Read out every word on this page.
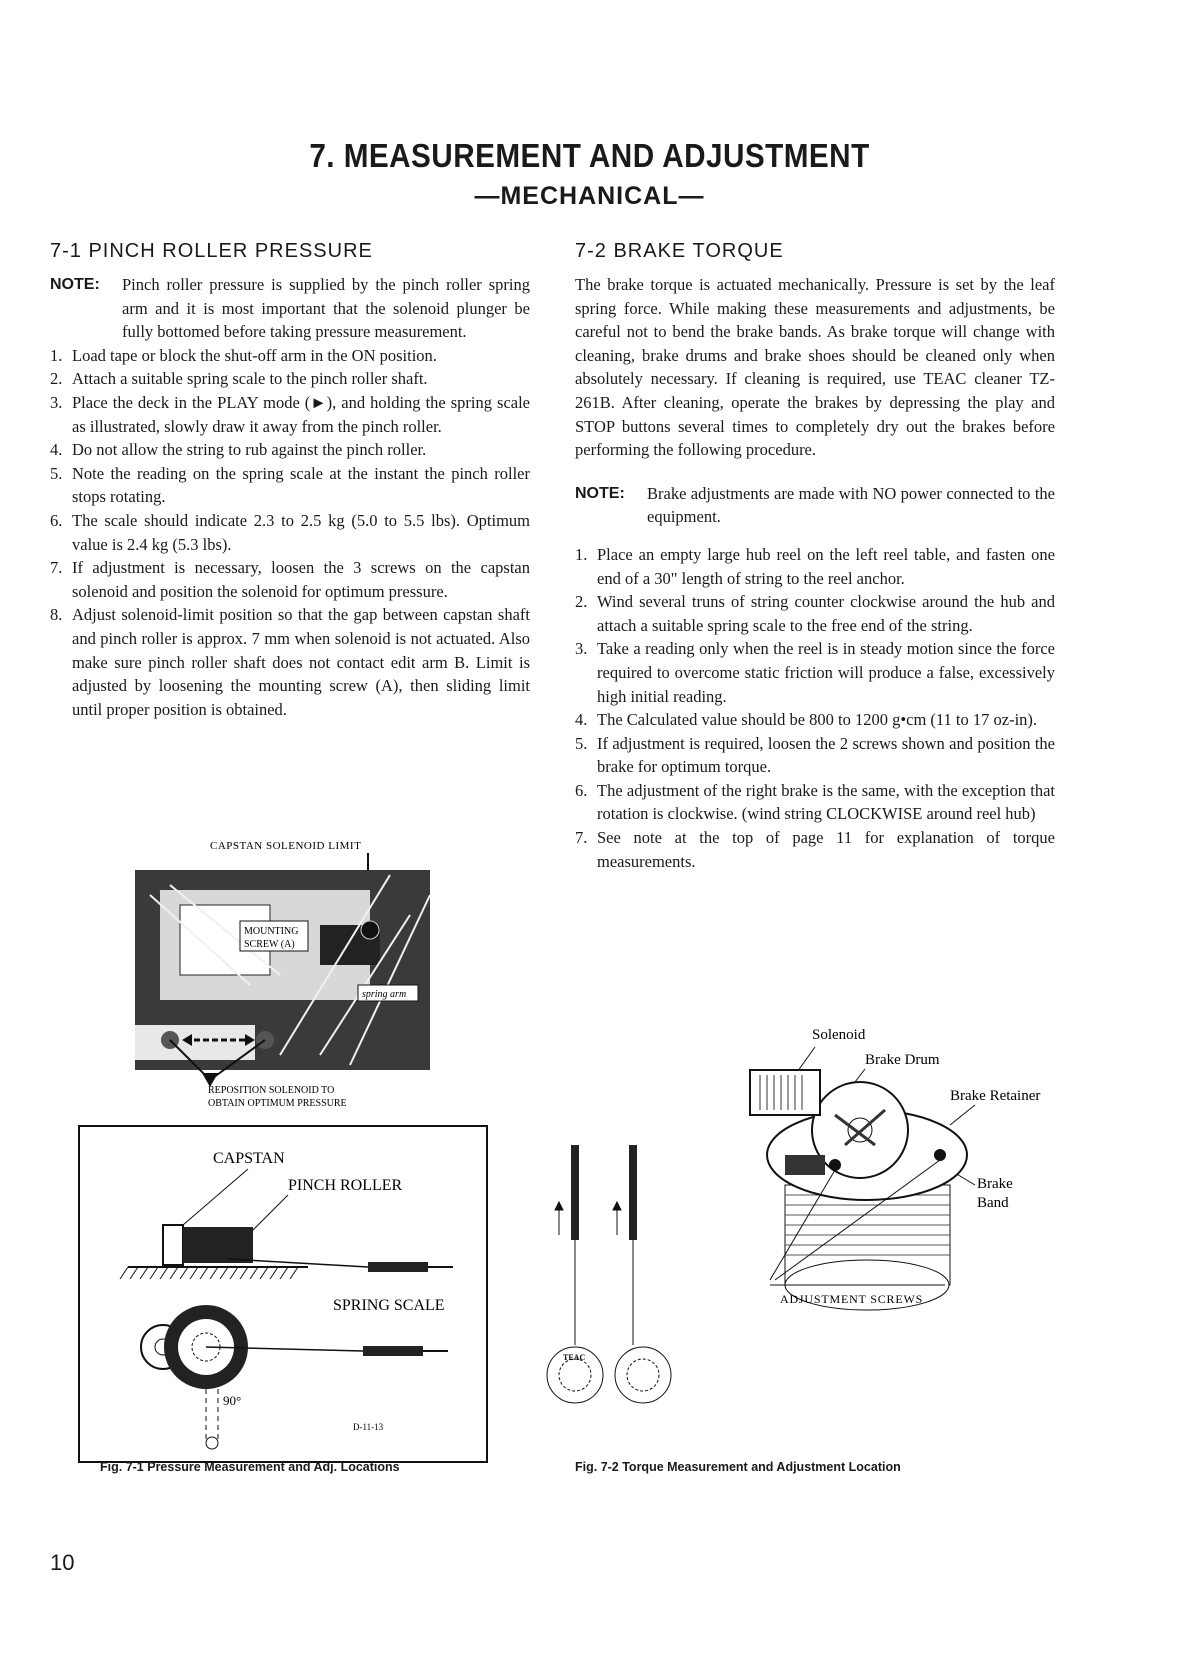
7. MEASUREMENT AND ADJUSTMENT
—MECHANICAL—
7-1 PINCH ROLLER PRESSURE
NOTE:	Pinch roller pressure is supplied by the pinch roller spring arm and it is most important that the solenoid plunger be fully bottomed before taking pressure measurement.
1. Load tape or block the shut-off arm in the ON position.
2. Attach a suitable spring scale to the pinch roller shaft.
3. Place the deck in the PLAY mode (►), and holding the spring scale as illustrated, slowly draw it away from the pinch roller.
4. Do not allow the string to rub against the pinch roller.
5. Note the reading on the spring scale at the instant the pinch roller stops rotating.
6. The scale should indicate 2.3 to 2.5 kg (5.0 to 5.5 lbs). Optimum value is 2.4 kg (5.3 lbs).
7. If adjustment is necessary, loosen the 3 screws on the capstan solenoid and position the solenoid for optimum pressure.
8. Adjust solenoid-limit position so that the gap between capstan shaft and pinch roller is approx. 7 mm when solenoid is not actuated. Also make sure pinch roller shaft does not contact edit arm B. Limit is adjusted by loosening the mounting screw (A), then sliding limit until proper position is obtained.
7-2 BRAKE TORQUE

The brake torque is actuated mechanically. Pressure is set by the leaf spring force. While making these measurements and adjustments, be careful not to bend the brake bands. As brake torque will change with cleaning, brake drums and brake shoes should be cleaned only when absolutely necessary. If cleaning is required, use TEAC cleaner TZ-261B. After cleaning, operate the brakes by depressing the play and STOP buttons several times to completely dry out the brakes before performing the following procedure.

NOTE:	Brake adjustments are made with NO power connected to the equipment.
1. Place an empty large hub reel on the left reel table, and fasten one end of a 30" length of string to the reel anchor.
2. Wind several truns of string counter clockwise around the hub and attach a suitable spring scale to the free end of the string.
3. Take a reading only when the reel is in steady motion since the force required to overcome static friction will produce a false, excessively high initial reading.
4. The Calculated value should be 800 to 1200 g•cm (11 to 17 oz-in).
5. If adjustment is required, loosen the 2 screws shown and position the brake for optimum torque.
6. The adjustment of the right brake is the same, with the exception that rotation is clockwise. (wind string CLOCKWISE around reel hub)
7. See note at the top of page 11 for explanation of torque measurements.
CAPSTAN SOLENOID LIMIT
MOUNTING
SCREW (A)
spring arm
REPOSITION SOLENOID TO
OBTAIN OPTIMUM PRESSURE
CAPSTAN
PINCH ROLLER
SPRING SCALE
90°
D-11-13
Fig. 7-1 Pressure Measurement and Adj. Locations
Solenoid
Brake Drum
Brake Retainer
Brake
Band
ADJUSTMENT SCREWS
TEAC
Fig. 7-2 Torque Measurement and Adjustment Location
10
